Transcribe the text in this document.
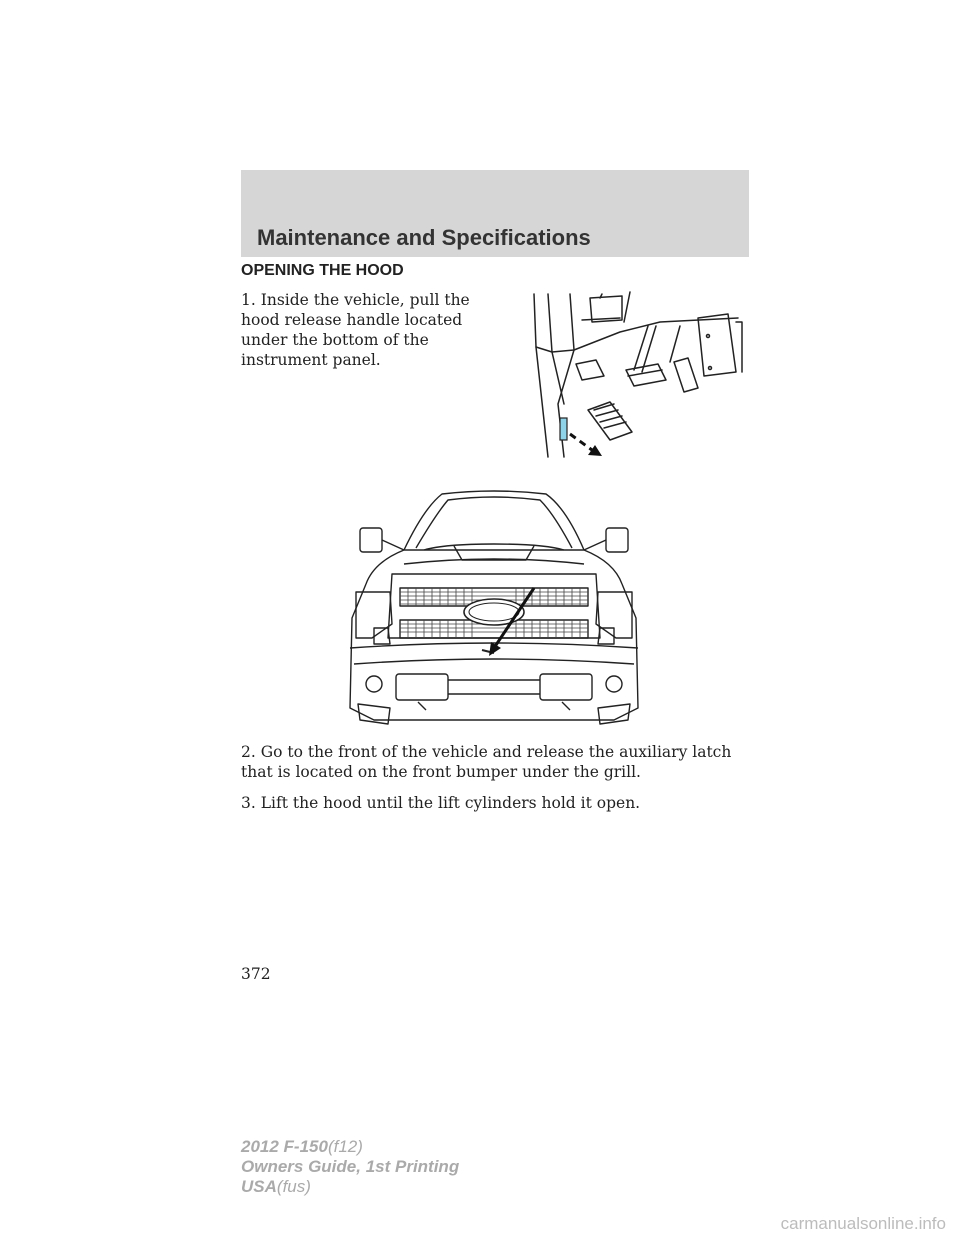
Maintenance and Specifications
OPENING THE HOOD

1. Inside the vehicle, pull the hood release handle located under the bottom of the instrument panel.

2. Go to the front of the vehicle and release the auxiliary latch that is located on the front bumper under the grill.

3. Lift the hood until the lift cylinders hold it open.

372
2012 F-150(f12)
Owners Guide, 1st Printing
USA(fus)
carmanualsonline.info
